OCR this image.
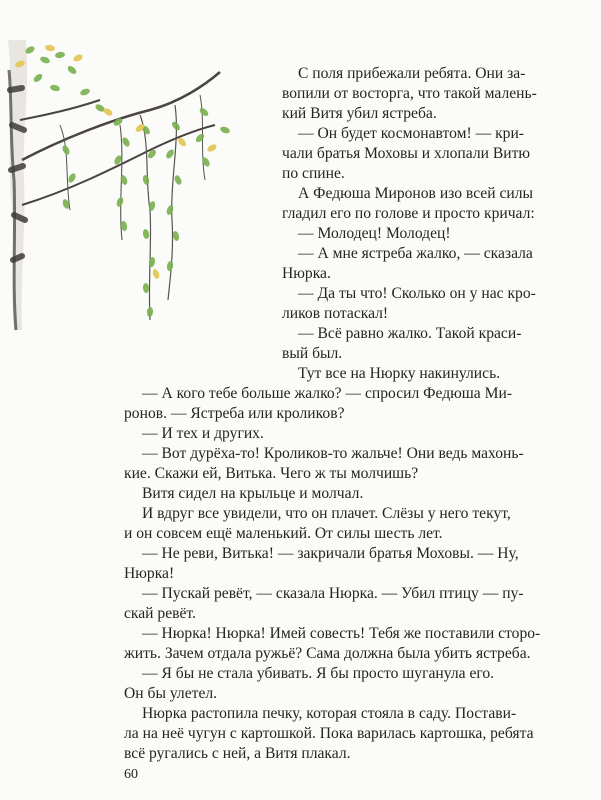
С поля прибежали ребята. Они за-

вопили от восторга, что такой малень-

кий Витя убил ястреба.

— Он будет космонавтом! — кри-

чали братья Моховы и хлопали Витю

по спине.

А Федюша Миронов изо всей силы

гладил его по голове и просто кричал:

— Молодец! Молодец!

— А мне ястреба жалко, — сказала

Нюрка.

— Да ты что! Сколько он у нас кро-

ликов потаскал!

— Всё равно жалко. Такой краси-

вый был.

Тут все на Нюрку накинулись.

— А кого тебе больше жалко? — спросил Федюша Ми-

ронов. — Ястреба или кроликов?

— И тех и других.

— Вот дурёха-то! Кроликов-то жальче! Они ведь махонь-

кие. Скажи ей, Витька. Чего ж ты молчишь?

Витя сидел на крыльце и молчал.

И вдруг все увидели, что он плачет. Слёзы у него текут,

и он совсем ещё маленький. От силы шесть лет.

— Не реви, Витька! — закричали братья Моховы. — Ну,

Нюрка!

— Пускай ревёт, — сказала Нюрка. — Убил птицу — пу-

скай ревёт.

— Нюрка! Нюрка! Имей совесть! Тебя же поставили сторо-

жить. Зачем отдала ружьё? Сама должна была убить ястреба.

— Я бы не стала убивать. Я бы просто шуганула его.

Он бы улетел.

Нюрка растопила печку, которая стояла в саду. Постави-

ла на неё чугун с картошкой. Пока варилась картошка, ребята

всё ругались с ней, а Витя плакал.

60
